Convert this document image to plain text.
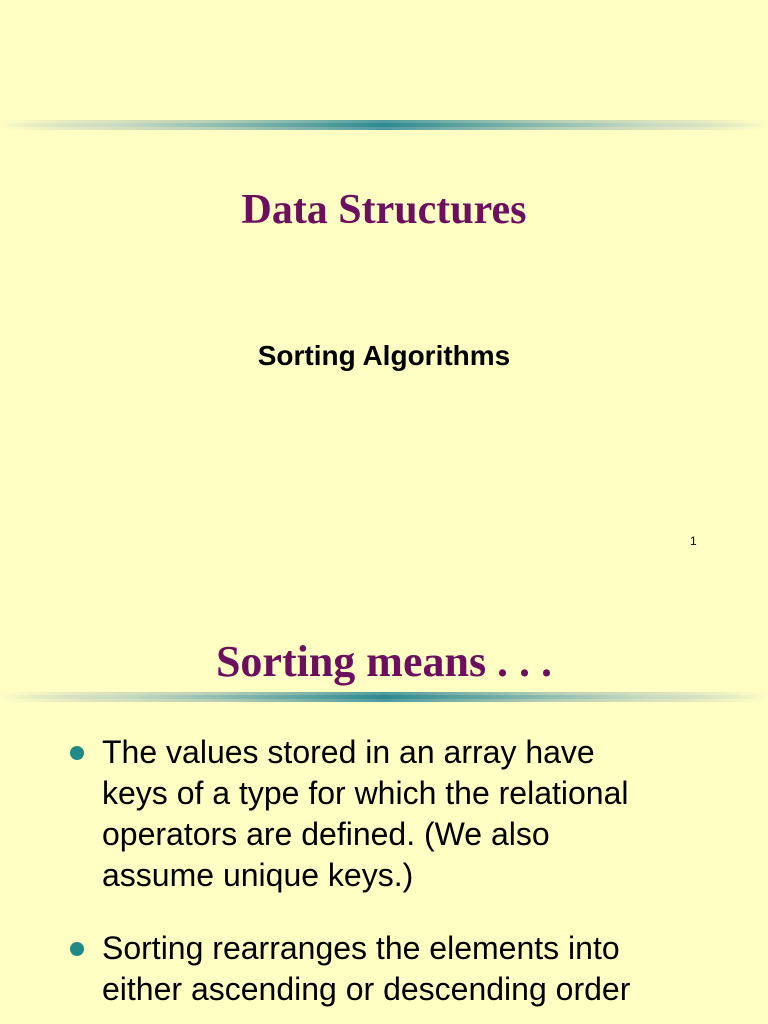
Data Structures

Sorting Algorithms

1
Sorting means . . .
The values stored in an array have
keys of a type for which the relational
operators are defined. (We also
assume unique keys.)
Sorting rearranges the elements into
either ascending or descending order
